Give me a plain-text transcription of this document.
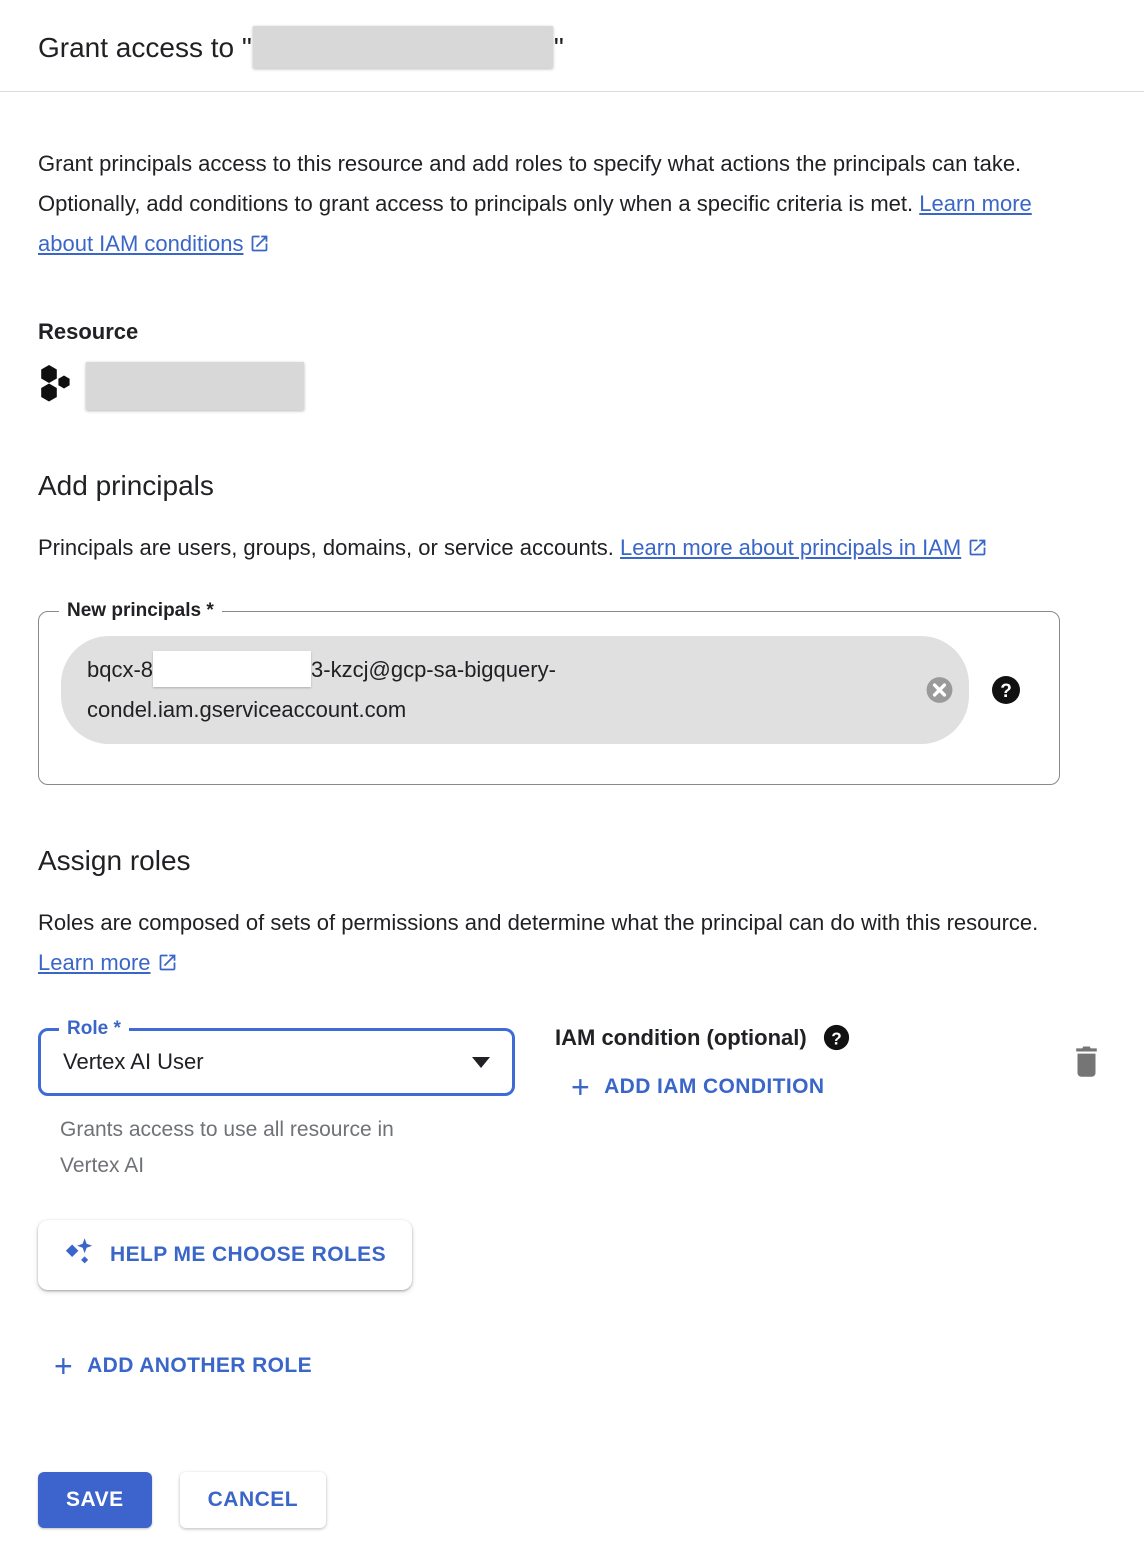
Grant access to "	"

Grant principals access to this resource and add roles to specify what actions the principals can take. Optionally, add conditions to grant access to principals only when a specific criteria is met. Learn more about IAM conditions

Resource
Add principals

Principals are users, groups, domains, or service accounts. Learn more about principals in IAM

New principals *
bqcx-8	3-kzcj@gcp-sa-bigquery-
condel.iam.gserviceaccount.com
?
Assign roles

Roles are composed of sets of permissions and determine what the principal can do with this resource. Learn more

Role *
Vertex AI User
Grants access to use all resource in Vertex AI
IAM condition (optional) ?
+ ADD IAM CONDITION
HELP ME CHOOSE ROLES
+ ADD ANOTHER ROLE
SAVE	CANCEL
